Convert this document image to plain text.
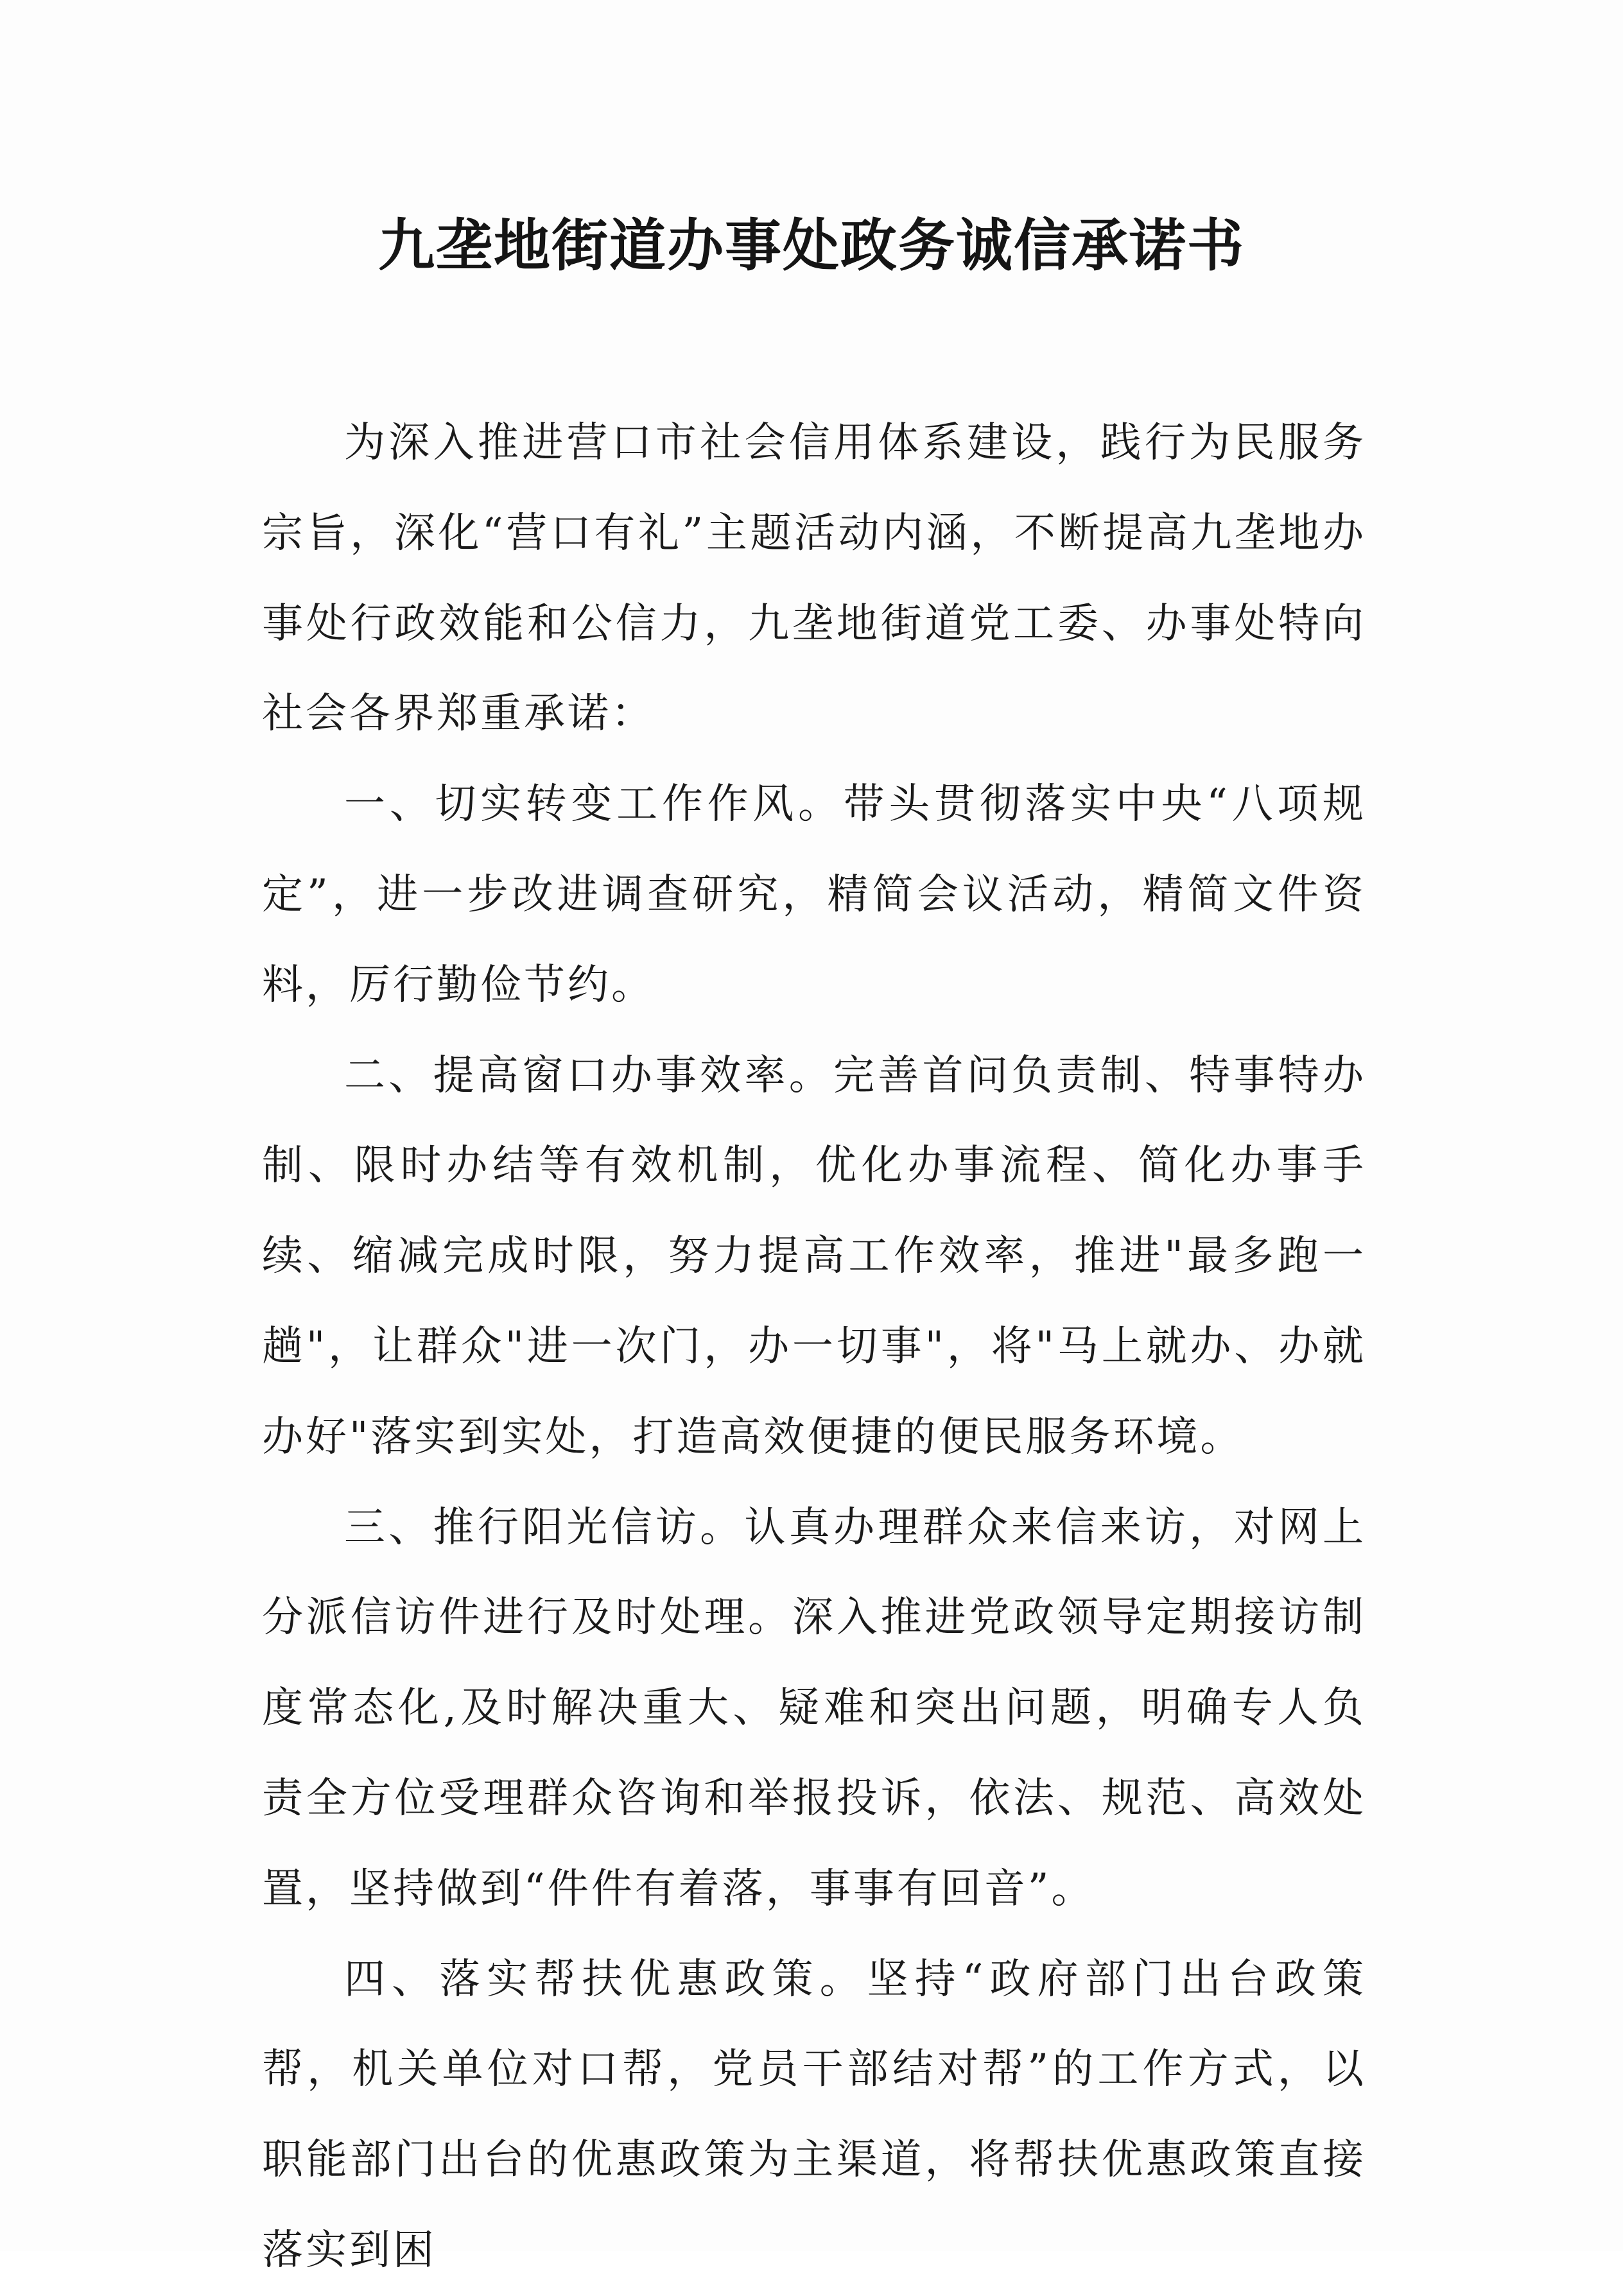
九垄地街道办事处政务诚信承诺书

为深入推进营口市社会信用体系建设，践行为民服务宗旨，深化“营口有礼”主题活动内涵，不断提高九垄地办事处行政效能和公信力，九垄地街道党工委、办事处特向社会各界郑重承诺：

一、切实转变工作作风。带头贯彻落实中央“八项规定”，进一步改进调查研究，精简会议活动，精简文件资料，厉行勤俭节约。

二、提高窗口办事效率。完善首问负责制、特事特办制、限时办结等有效机制，优化办事流程、简化办事手续、缩减完成时限，努力提高工作效率，推进"最多跑一趟"，让群众"进一次门，办一切事"，将"马上就办、办就办好"落实到实处，打造高效便捷的便民服务环境。

三、推行阳光信访。认真办理群众来信来访，对网上分派信访件进行及时处理。深入推进党政领导定期接访制度常态化,及时解决重大、疑难和突出问题，明确专人负责全方位受理群众咨询和举报投诉，依法、规范、高效处置，坚持做到“件件有着落，事事有回音”。

四、落实帮扶优惠政策。坚持“政府部门出台政策帮，机关单位对口帮，党员干部结对帮”的工作方式，以职能部门出台的优惠政策为主渠道，将帮扶优惠政策直接落实到困
